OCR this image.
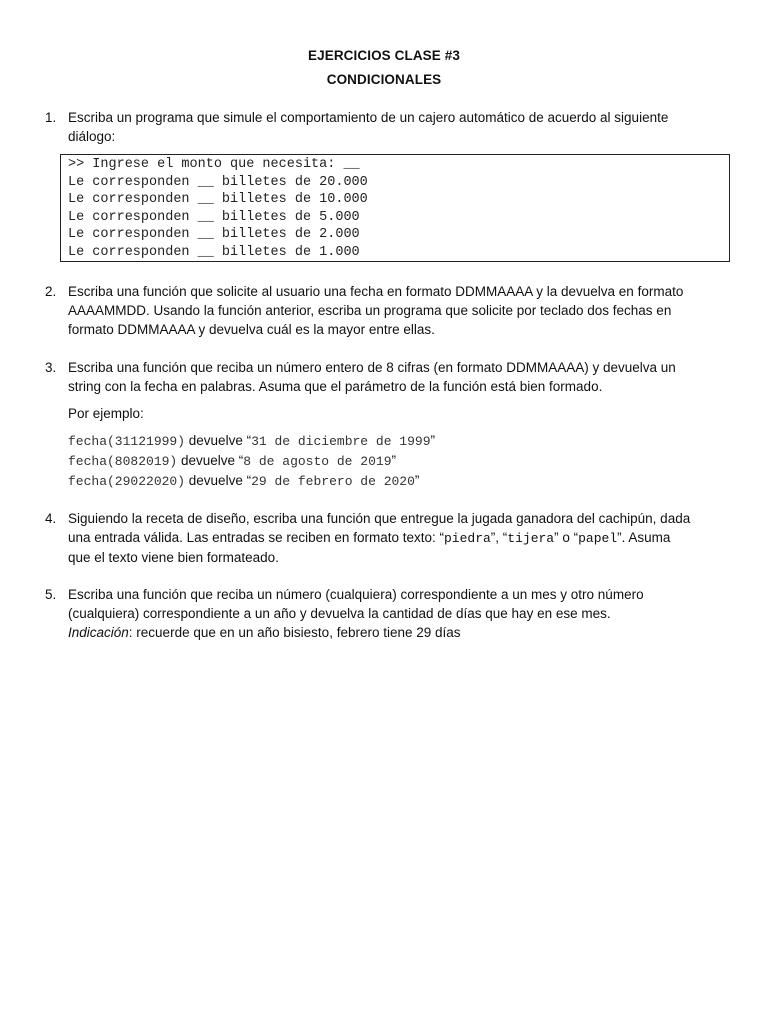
EJERCICIOS CLASE #3
CONDICIONALES
1. Escriba un programa que simule el comportamiento de un cajero automático de acuerdo al siguiente
diálogo:
>> Ingrese el monto que necesita: __
Le corresponden __ billetes de 20.000
Le corresponden __ billetes de 10.000
Le corresponden __ billetes de 5.000
Le corresponden __ billetes de 2.000
Le corresponden __ billetes de 1.000
2. Escriba una función que solicite al usuario una fecha en formato DDMMAAAA y la devuelva en formato
AAAAMMDD. Usando la función anterior, escriba un programa que solicite por teclado dos fechas en
formato DDMMAAAA y devuelva cuál es la mayor entre ellas.
3. Escriba una función que reciba un número entero de 8 cifras (en formato DDMMAAAA) y devuelva un
string con la fecha en palabras. Asuma que el parámetro de la función está bien formado.
Por ejemplo:
fecha(31121999) devuelve “31 de diciembre de 1999”
fecha(8082019) devuelve “8 de agosto de 2019”
fecha(29022020) devuelve “29 de febrero de 2020”
4. Siguiendo la receta de diseño, escriba una función que entregue la jugada ganadora del cachipún, dada
una entrada válida. Las entradas se reciben en formato texto: “piedra”, “tijera” o “papel”. Asuma
que el texto viene bien formateado.
5. Escriba una función que reciba un número (cualquiera) correspondiente a un mes y otro número
(cualquiera) correspondiente a un año y devuelva la cantidad de días que hay en ese mes.
Indicación: recuerde que en un año bisiesto, febrero tiene 29 días
